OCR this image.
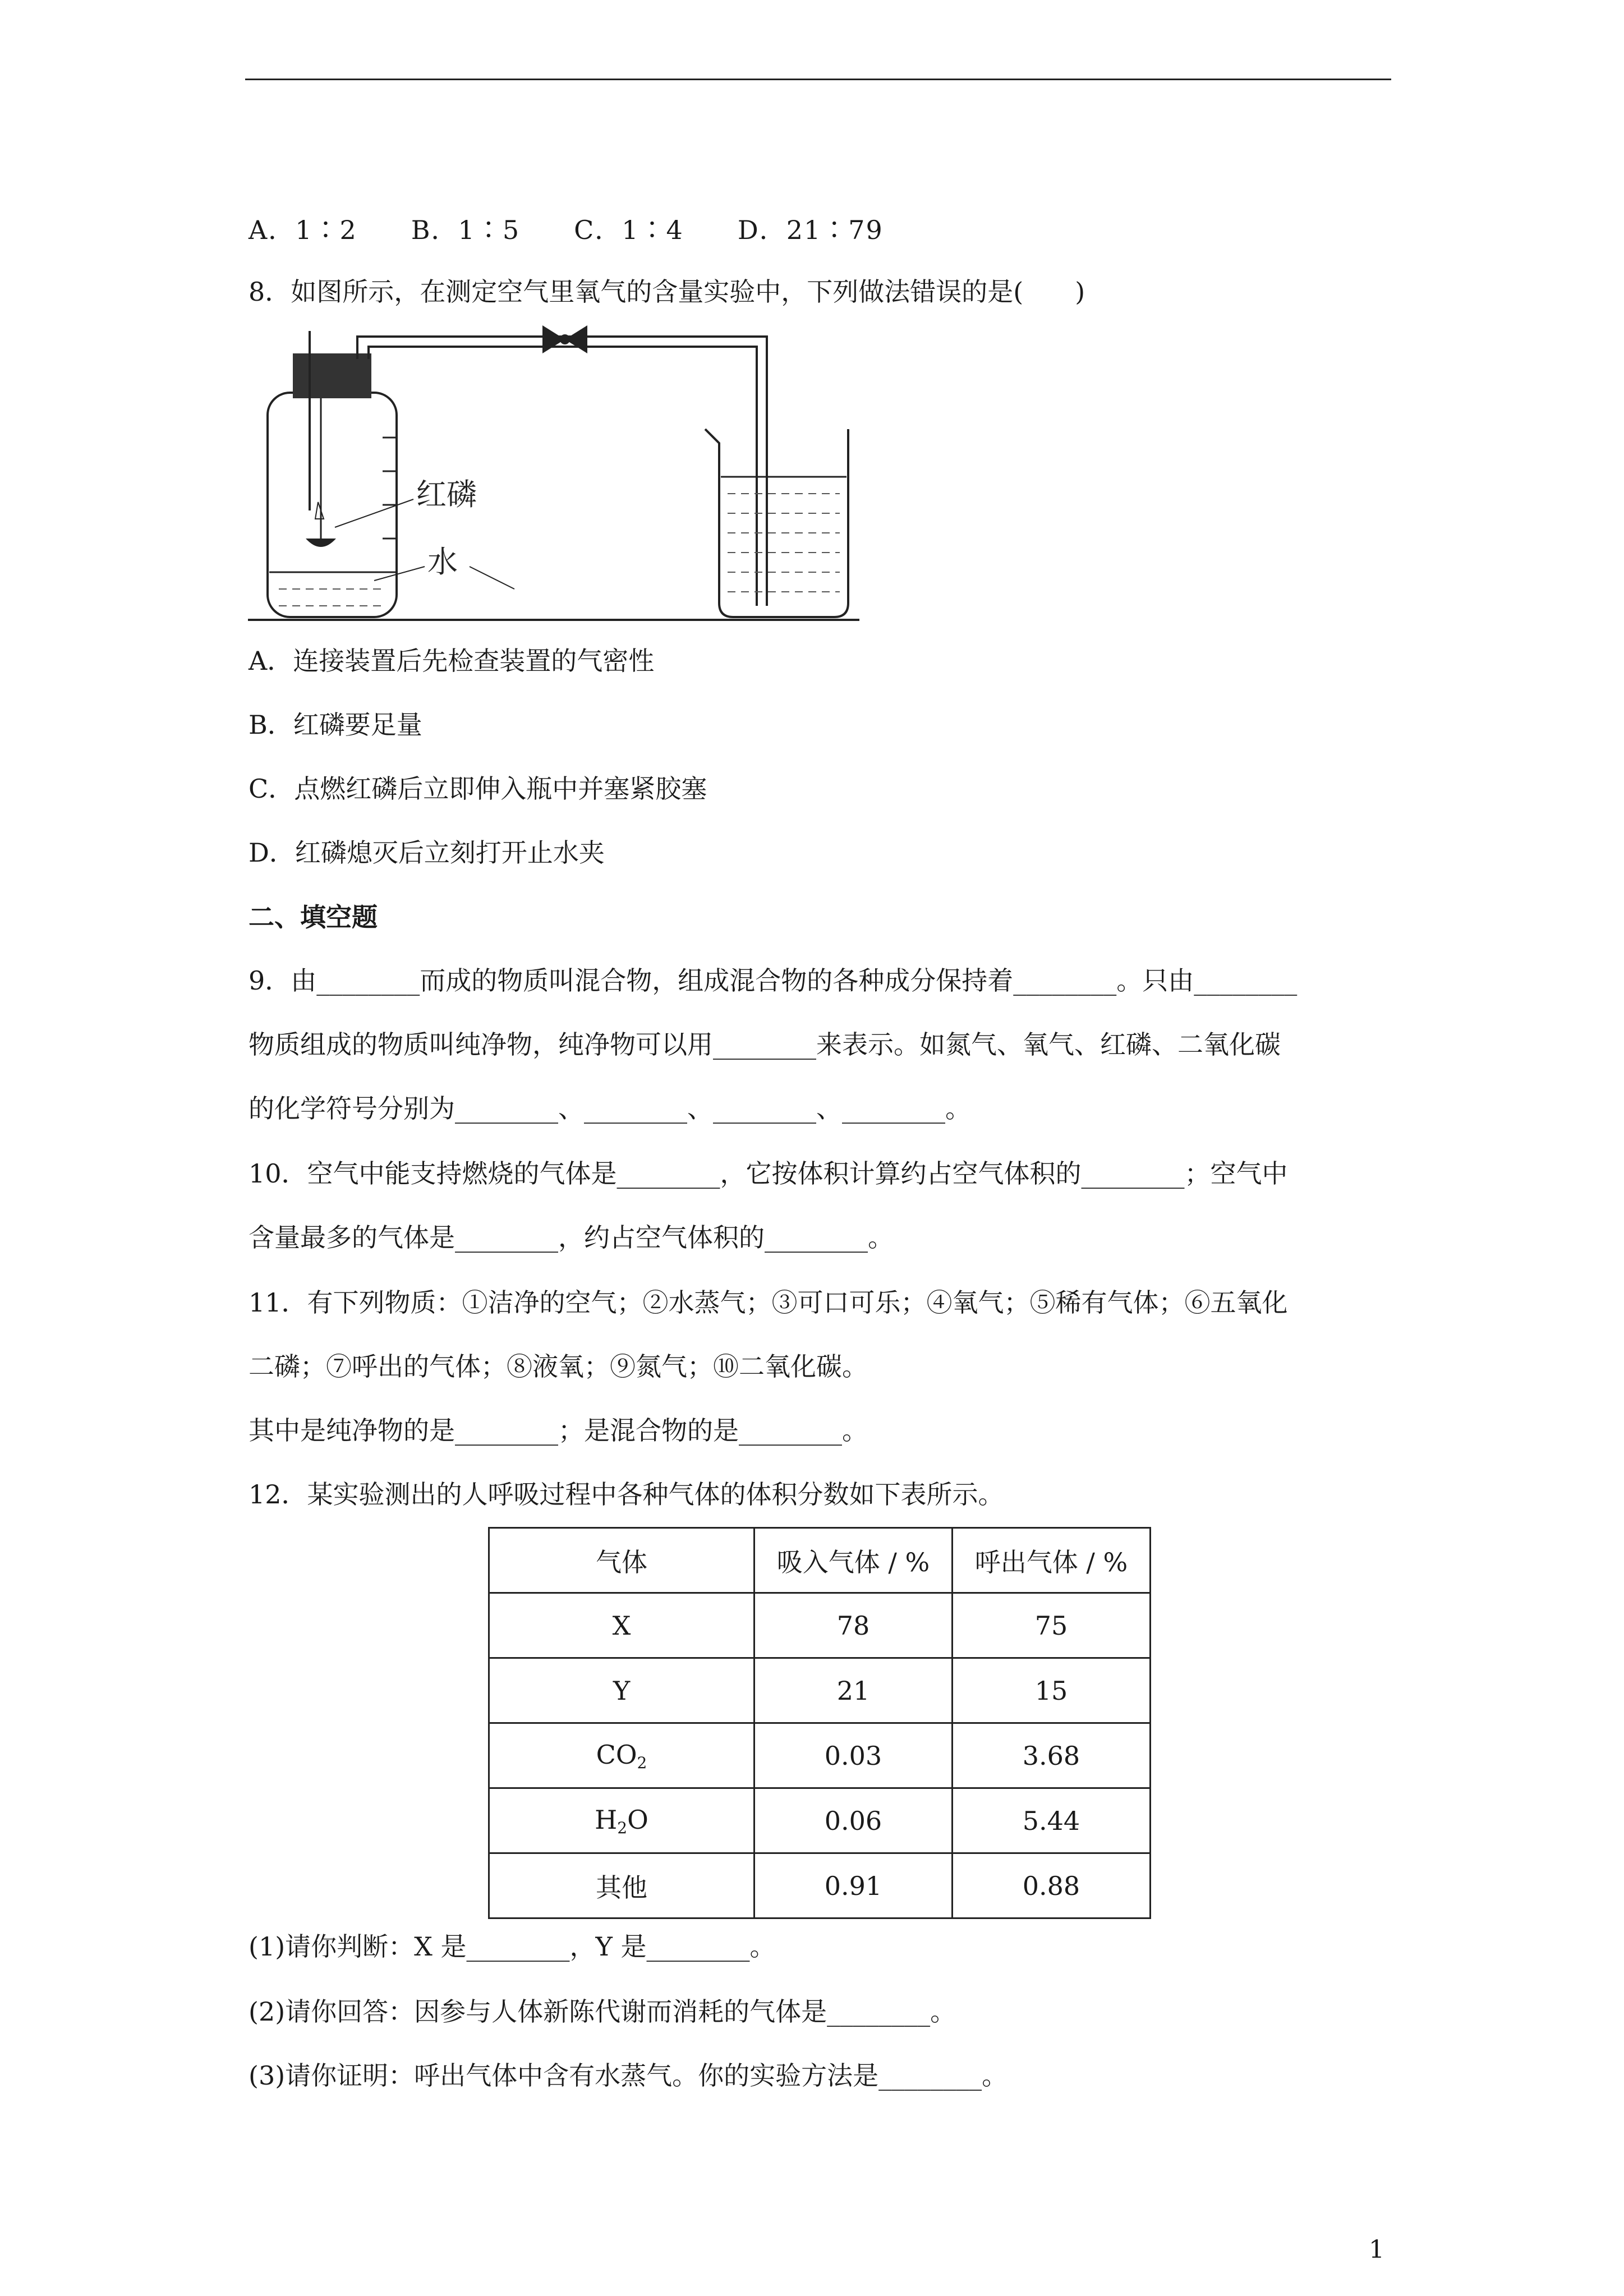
A．1∶2　　B．1∶5　　C．1∶4　　D．21∶79
8．如图所示，在测定空气里氧气的含量实验中，下列做法错误的是(　　)
红磷
水
A．连接装置后先检查装置的气密性
B．红磷要足量
C．点燃红磷后立即伸入瓶中并塞紧胶塞
D．红磷熄灭后立刻打开止水夹
二、填空题
9．由________而成的物质叫混合物，组成混合物的各种成分保持着________。只由________
物质组成的物质叫纯净物，纯净物可以用________来表示。如氮气、氧气、红磷、二氧化碳
的化学符号分别为________、________、________、________。
10．空气中能支持燃烧的气体是________，它按体积计算约占空气体积的________；空气中
含量最多的气体是________，约占空气体积的________。
11．有下列物质：①洁净的空气；②水蒸气；③可口可乐；④氧气；⑤稀有气体；⑥五氧化
二磷；⑦呼出的气体；⑧液氧；⑨氮气；⑩二氧化碳。
其中是纯净物的是________；是混合物的是________。
12．某实验测出的人呼吸过程中各种气体的体积分数如下表所示。
气体	吸入气体 / %	呼出气体 / %
X	78	75
Y	21	15
$CO_2$	0.03	3.68
$H_2O$	0.06	5.44
其他	0.91	0.88
(1)请你判断：X 是________，Y 是________。
(2)请你回答：因参与人体新陈代谢而消耗的气体是________。
(3)请你证明：呼出气体中含有水蒸气。你的实验方法是________。
1
